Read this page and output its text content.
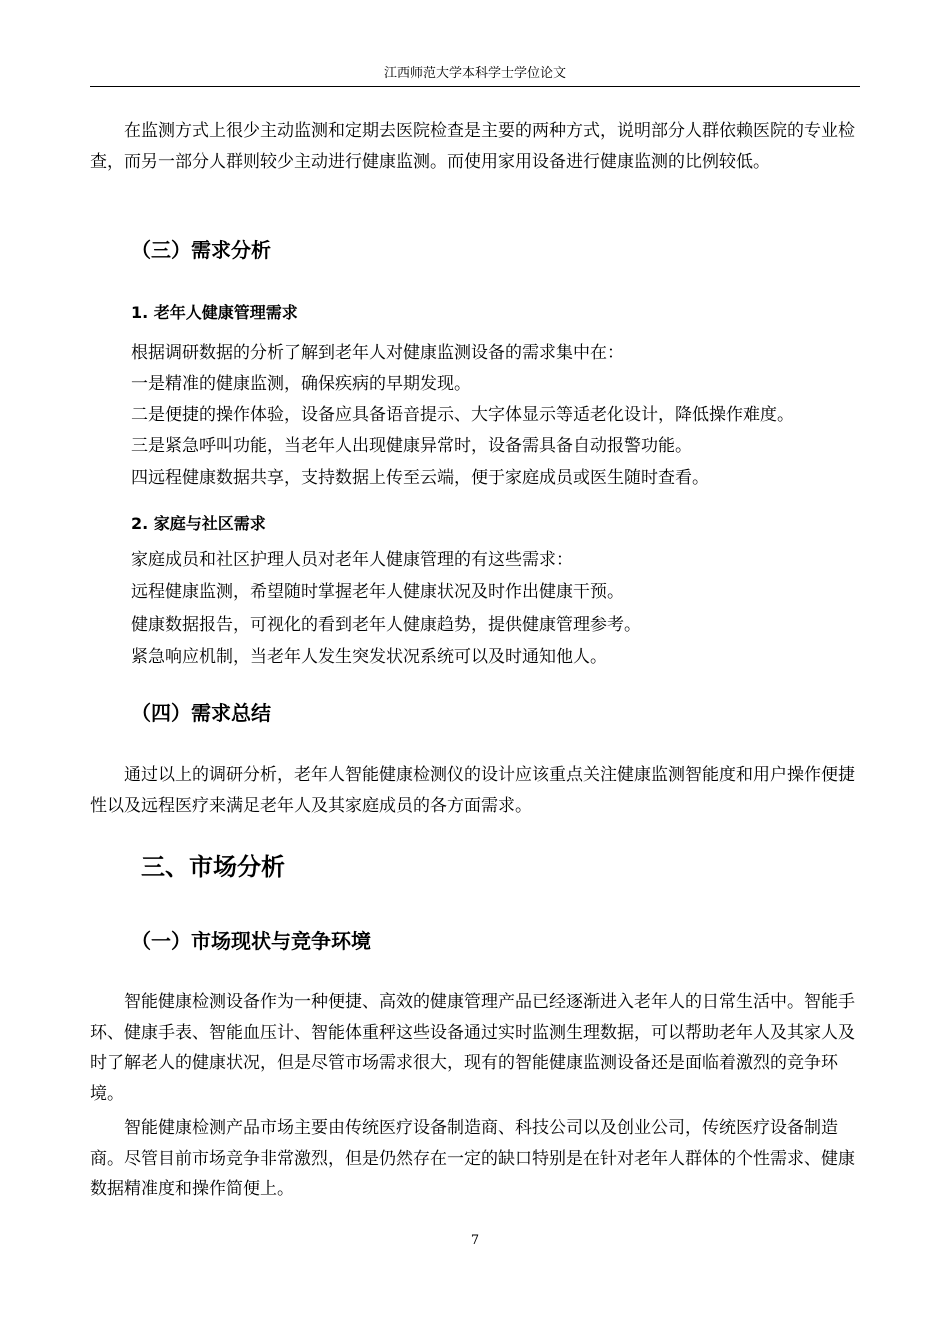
江西师范大学本科学士学位论文

在监测方式上很少主动监测和定期去医院检查是主要的两种方式，说明部分人群依赖医院的专业检查，而另一部分人群则较少主动进行健康监测。而使用家用设备进行健康监测的比例较低。

（三）需求分析
1. 老年人健康管理需求

根据调研数据的分析了解到老年人对健康监测设备的需求集中在：

一是精准的健康监测，确保疾病的早期发现。

二是便捷的操作体验，设备应具备语音提示、大字体显示等适老化设计，降低操作难度。

三是紧急呼叫功能，当老年人出现健康异常时，设备需具备自动报警功能。

四远程健康数据共享，支持数据上传至云端，便于家庭成员或医生随时查看。

2. 家庭与社区需求

家庭成员和社区护理人员对老年人健康管理的有这些需求：

远程健康监测，希望随时掌握老年人健康状况及时作出健康干预。

健康数据报告，可视化的看到老年人健康趋势，提供健康管理参考。

紧急响应机制，当老年人发生突发状况系统可以及时通知他人。

（四）需求总结

通过以上的调研分析，老年人智能健康检测仪的设计应该重点关注健康监测智能度和用户操作便捷性以及远程医疗来满足老年人及其家庭成员的各方面需求。

三、市场分析
（一）市场现状与竞争环境

智能健康检测设备作为一种便捷、高效的健康管理产品已经逐渐进入老年人的日常生活中。智能手环、健康手表、智能血压计、智能体重秤这些设备通过实时监测生理数据，可以帮助老年人及其家人及时了解老人的健康状况，但是尽管市场需求很大，现有的智能健康监测设备还是面临着激烈的竞争环境。

智能健康检测产品市场主要由传统医疗设备制造商、科技公司以及创业公司，传统医疗设备制造商。尽管目前市场竞争非常激烈，但是仍然存在一定的缺口特别是在针对老年人群体的个性需求、健康数据精准度和操作简便上。

7
